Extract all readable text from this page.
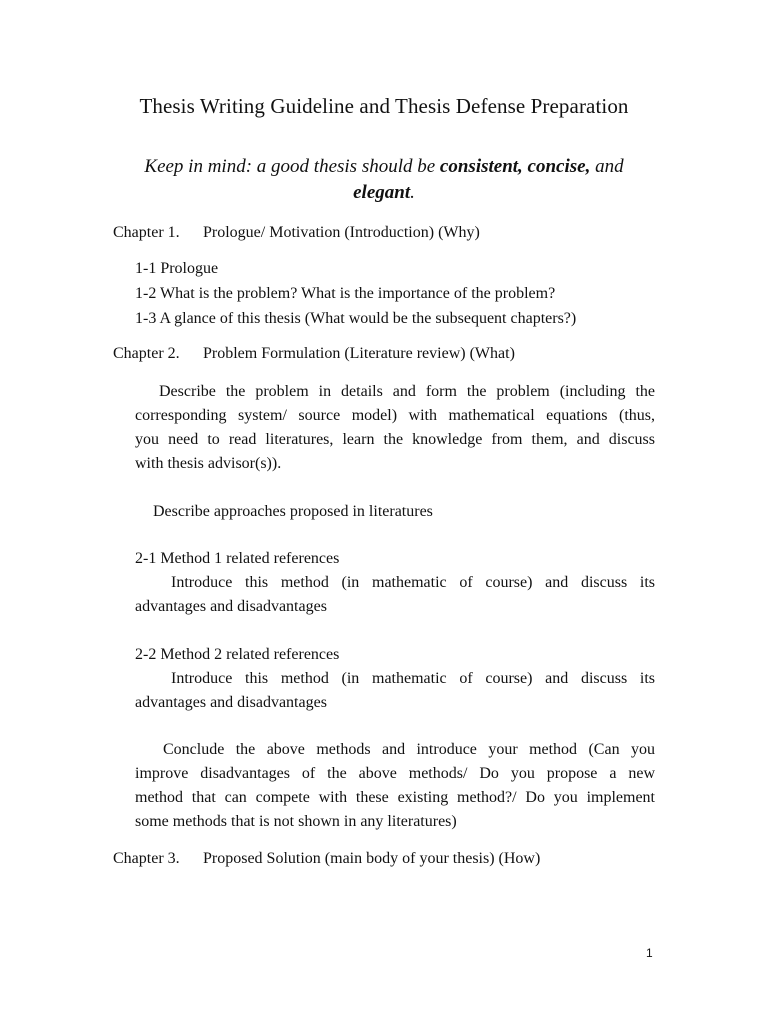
Thesis Writing Guideline and Thesis Defense Preparation
Keep in mind: a good thesis should be consistent, concise, and
elegant.
Chapter 1. Prologue/ Motivation (Introduction) (Why)
1-1 Prologue
1-2 What is the problem? What is the importance of the problem?
1-3 A glance of this thesis (What would be the subsequent chapters?)
Chapter 2. Problem Formulation (Literature review) (What)
Describe the problem in details and form the problem (including the
corresponding system/ source model) with mathematical equations (thus,
you need to read literatures, learn the knowledge from them, and discuss
with thesis advisor(s)).
Describe approaches proposed in literatures
2-1 Method 1 related references
Introduce this method (in mathematic of course) and discuss its
advantages and disadvantages
2-2 Method 2 related references
Introduce this method (in mathematic of course) and discuss its
advantages and disadvantages
Conclude the above methods and introduce your method (Can you
improve disadvantages of the above methods/ Do you propose a new
method that can compete with these existing method?/ Do you implement
some methods that is not shown in any literatures)
Chapter 3. Proposed Solution (main body of your thesis) (How)
1
